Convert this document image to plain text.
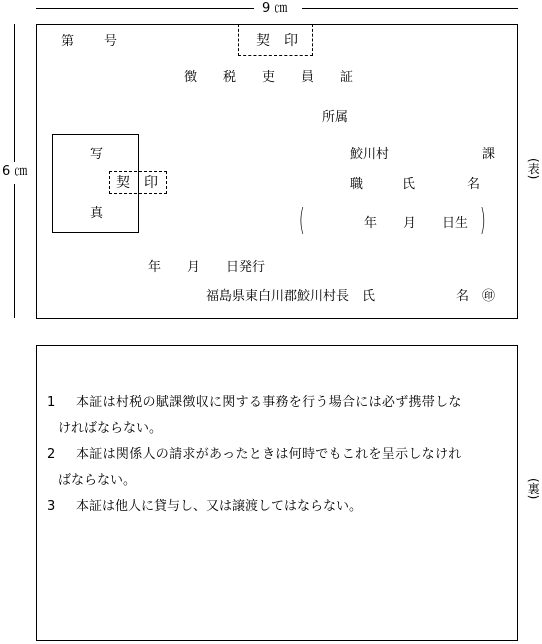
9 ㎝
6 ㎝
第 号	契　印
徴　　税　　吏　　員　　証
所属
写
真
契　印
鮫川村	課
職　　　氏　　　　名
(	年　　月　　日生 )
年　　月　　日発行
福島県東白川郡鮫川村長　氏	名　㊞
(表)
1 本証は村税の賦課徴収に関する事務を行う場合には必ず携帯しな
ければならない。
2 本証は関係人の請求があったときは何時でもこれを呈示しなけれ
ばならない。
3 本証は他人に貸与し、又は譲渡してはならない。
(裏)
